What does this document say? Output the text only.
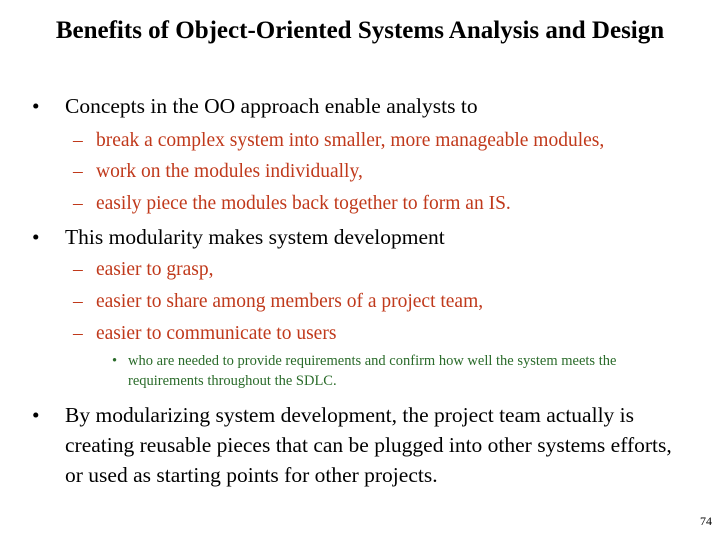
Benefits of Object-Oriented Systems Analysis and Design
• Concepts in the OO approach enable analysts to
– break a complex system into smaller, more manageable modules,
– work on the modules individually,
– easily piece the modules back together to form an IS.
• This modularity makes system development
– easier to grasp,
– easier to share among members of a project team,
– easier to communicate to users
• who are needed to provide requirements and confirm how well the system meets the requirements throughout the SDLC.
• By modularizing system development, the project team actually is creating reusable pieces that can be plugged into other systems efforts, or used as starting points for other projects.
74
